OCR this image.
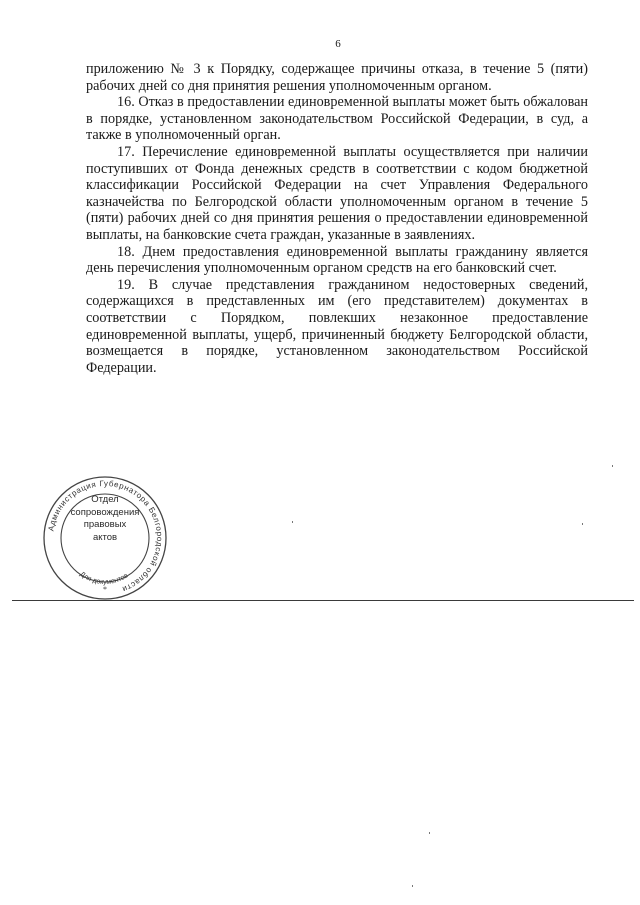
6

приложению № 3 к Порядку, содержащее причины отказа, в течение 5 (пяти) рабочих дней со дня принятия решения уполномоченным органом.

16. Отказ в предоставлении единовременной выплаты может быть обжалован в порядке, установленном законодательством Российской Федерации, в суд, а также в уполномоченный орган.

17. Перечисление единовременной выплаты осуществляется при наличии поступивших от Фонда денежных средств в соответствии с кодом бюджетной классификации Российской Федерации на счет Управления Федерального казначейства по Белгородской области уполномоченным органом в течение 5 (пяти) рабочих дней со дня принятия решения о предоставлении единовременной выплаты, на банковские счета граждан, указанные в заявлениях.

18. Днем предоставления единовременной выплаты гражданину является день перечисления уполномоченным органом средств на его банковский счет.

19. В случае представления гражданином недостоверных сведений, содержащихся в представленных им (его представителем) документах в соответствии с Порядком, повлекших незаконное предоставление единовременной выплаты, ущерб, причиненный бюджету Белгородской области, возмещается в порядке, установленном законодательством Российской Федерации.

Администрация Губернатора Белгородской области
Для документов
*
Отдел
сопровождения
правовых
актов
